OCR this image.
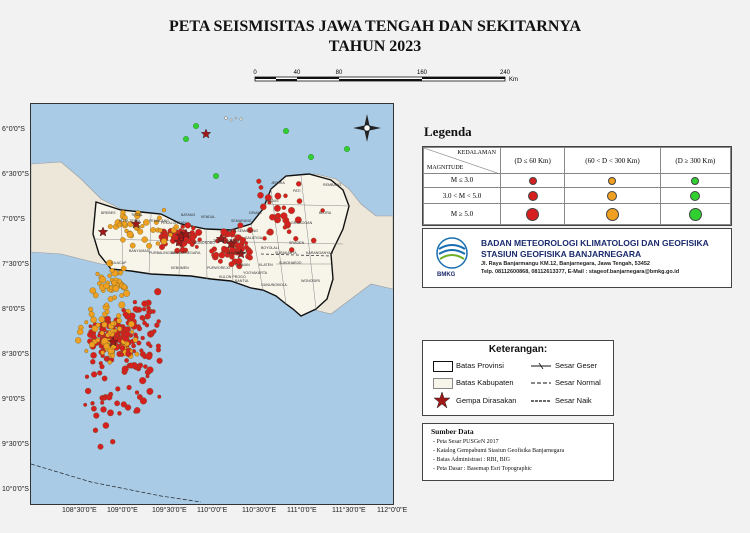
PETA SEISMISITAS JAWA TENGAH DAN SEKITARNYA
TAHUN 2023
0	40	80	160	240
Km
BREBES	TEGAL
PEMALANG
BATANG KENDAL
SEMARANG
DEMAK
KUDUS
PATI
REMBANG
JEPARA
BLORA
GROBOGAN
SRAGEN
BOYOLALI
KLATEN SUKOHARJO
WONOGIRI
KARANGANYAR
MAGELANG
TEMANGGUNG
WONOSOBO
BANJARNEGARA
PURBALINGGA
BANYUMAS
CILACAP
KEBUMEN	PURWOREJO
KULON PROGO
BANTUL
GUNUNGKIDUL
SLEMAN
YOGYAKARTA
SURAKARTA
SALATIGA
PEKALONGAN
KOTA TEGAL
KOTA SEMARANG
6°0'0"S
6°30'0"S
7°0'0"S
7°30'0"S
8°0'0"S
8°30'0"S
9°0'0"S
9°30'0"S
10°0'0"S
108°30'0"E 109°0'0"E 109°30'0"E 110°0'0"E 110°30'0"E 111°0'0"E 111°30'0"E 112°0'0"E
Legenda
KEDALAMAN
MAGNITUDE	(D ≤ 60 Km)	(60 < D < 300 Km)	(D ≥ 300 Km)
M ≤ 3.0			
3.0 < M < 5.0			
M ≥ 5.0			
BMKG
BADAN METEOROLOGI KLIMATOLOGI DAN GEOFISIKA
STASIUN GEOFISIKA BANJARNEGARA
Jl. Raya Banjarmangu KM.12, Banjarnegara, Jawa Tengah, 53452
Telp. 08112600868, 08112613377, E-Mail : stageof.banjarnegara@bmkg.go.id
Keterangan:
Batas Provinsi
Batas Kabupaten
Gempa Dirasakan
Sesar Geser
Sesar Normal
Sesar Naik
Sumber Data
- Peta Sesar PUSGeN 2017
- Katalog Gempabumi Stasiun Geofisika Banjarnegara
- Batas Administrasi : RBI, BIG
- Peta Dasar : Basemap Esri Topographic
